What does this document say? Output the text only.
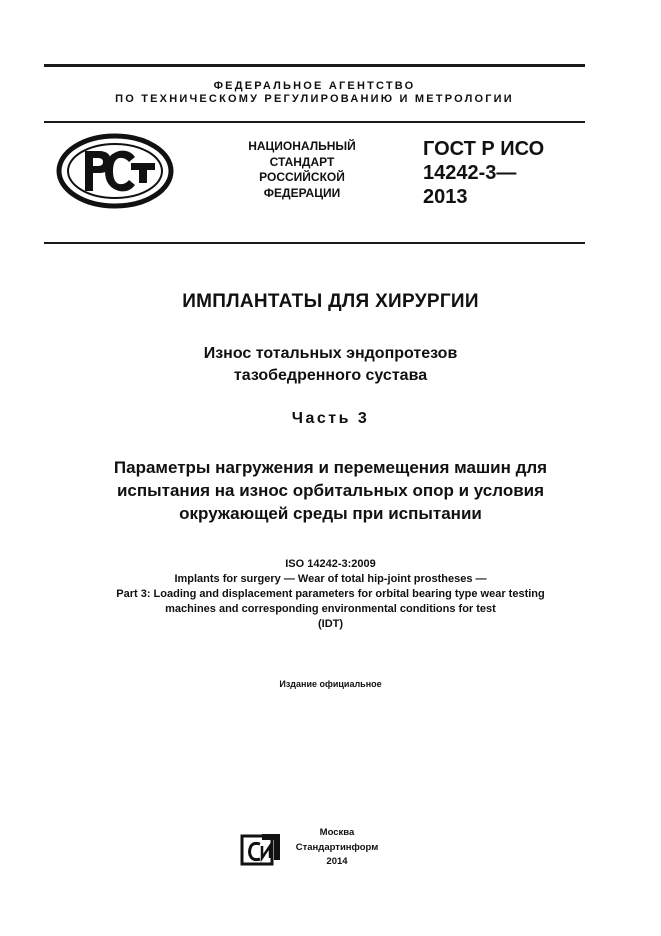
ФЕДЕРАЛЬНОЕ АГЕНТСТВО
ПО ТЕХНИЧЕСКОМУ РЕГУЛИРОВАНИЮ И МЕТРОЛОГИИ
НАЦИОНАЛЬНЫЙ
СТАНДАРТ
РОССИЙСКОЙ
ФЕДЕРАЦИИ
ГОСТ Р ИСО
14242-3—
2013
ИМПЛАНТАТЫ ДЛЯ ХИРУРГИИ
Износ тотальных эндопротезов
тазобедренного сустава
Часть 3
Параметры нагружения и перемещения машин для
испытания на износ орбитальных опор и условия
окружающей среды при испытании
ISO 14242-3:2009
Implants for surgery — Wear of total hip-joint prostheses —
Part 3: Loading and displacement parameters for orbital bearing type wear testing
machines and corresponding environmental conditions for test
(IDT)
Издание официальное
Москва
Стандартинформ
2014
